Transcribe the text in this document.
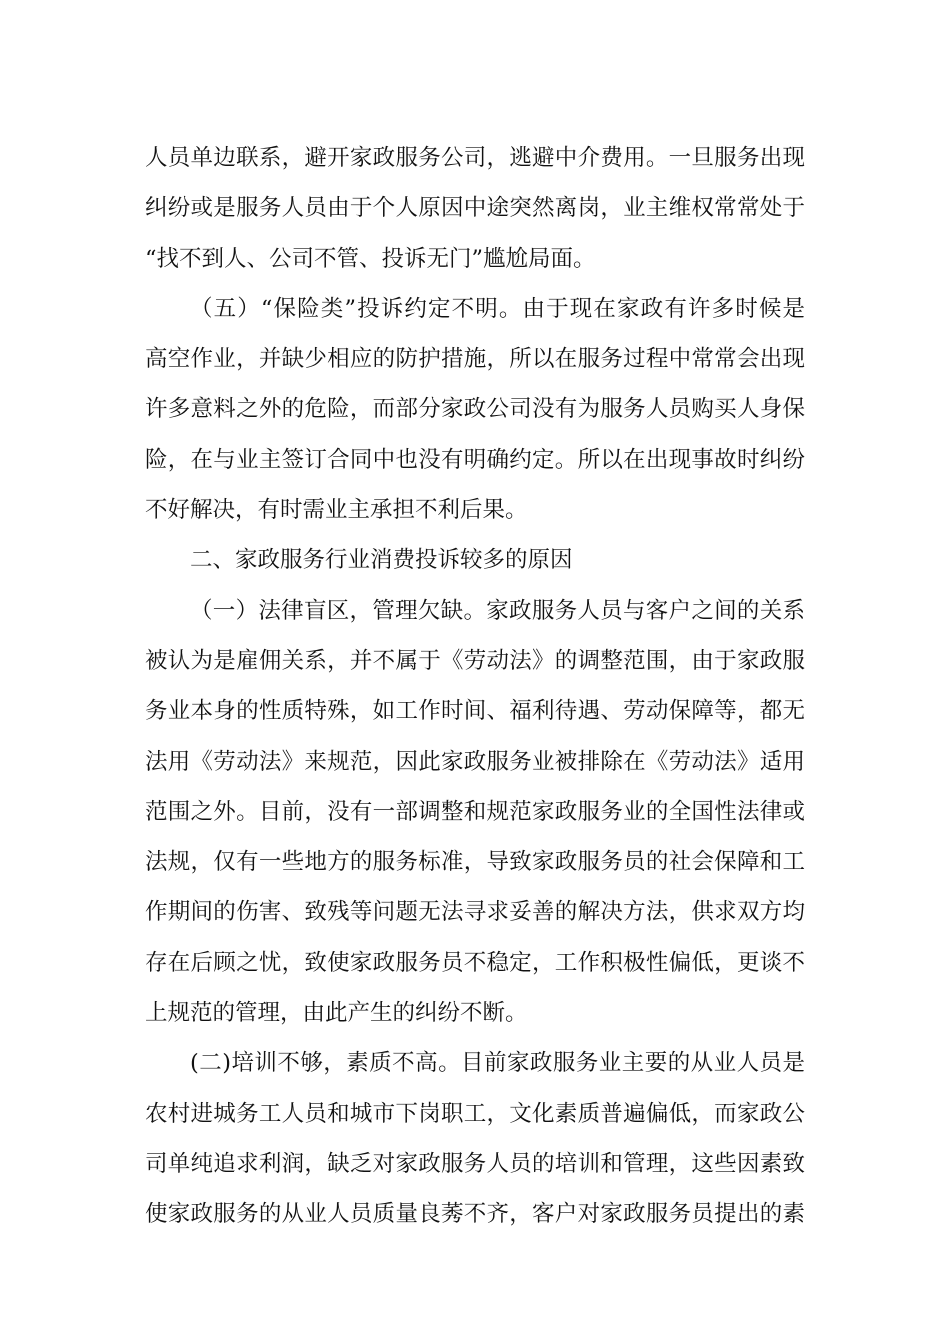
人员单边联系，避开家政服务公司，逃避中介费用。一旦服务出现
纠纷或是服务人员由于个人原因中途突然离岗，业主维权常常处于
“找不到人、公司不管、投诉无门”尴尬局面。
（五）“保险类”投诉约定不明。由于现在家政有许多时候是
高空作业，并缺少相应的防护措施，所以在服务过程中常常会出现
许多意料之外的危险，而部分家政公司没有为服务人员购买人身保
险，在与业主签订合同中也没有明确约定。所以在出现事故时纠纷
不好解决，有时需业主承担不利后果。
二、家政服务行业消费投诉较多的原因
（一）法律盲区，管理欠缺。家政服务人员与客户之间的关系
被认为是雇佣关系，并不属于《劳动法》的调整范围，由于家政服
务业本身的性质特殊，如工作时间、福利待遇、劳动保障等，都无
法用《劳动法》来规范，因此家政服务业被排除在《劳动法》适用
范围之外。目前，没有一部调整和规范家政服务业的全国性法律或
法规，仅有一些地方的服务标准，导致家政服务员的社会保障和工
作期间的伤害、致残等问题无法寻求妥善的解决方法，供求双方均
存在后顾之忧，致使家政服务员不稳定，工作积极性偏低，更谈不
上规范的管理，由此产生的纠纷不断。
(二)培训不够，素质不高。目前家政服务业主要的从业人员是
农村进城务工人员和城市下岗职工，文化素质普遍偏低，而家政公
司单纯追求利润，缺乏对家政服务人员的培训和管理，这些因素致
使家政服务的从业人员质量良莠不齐，客户对家政服务员提出的素
